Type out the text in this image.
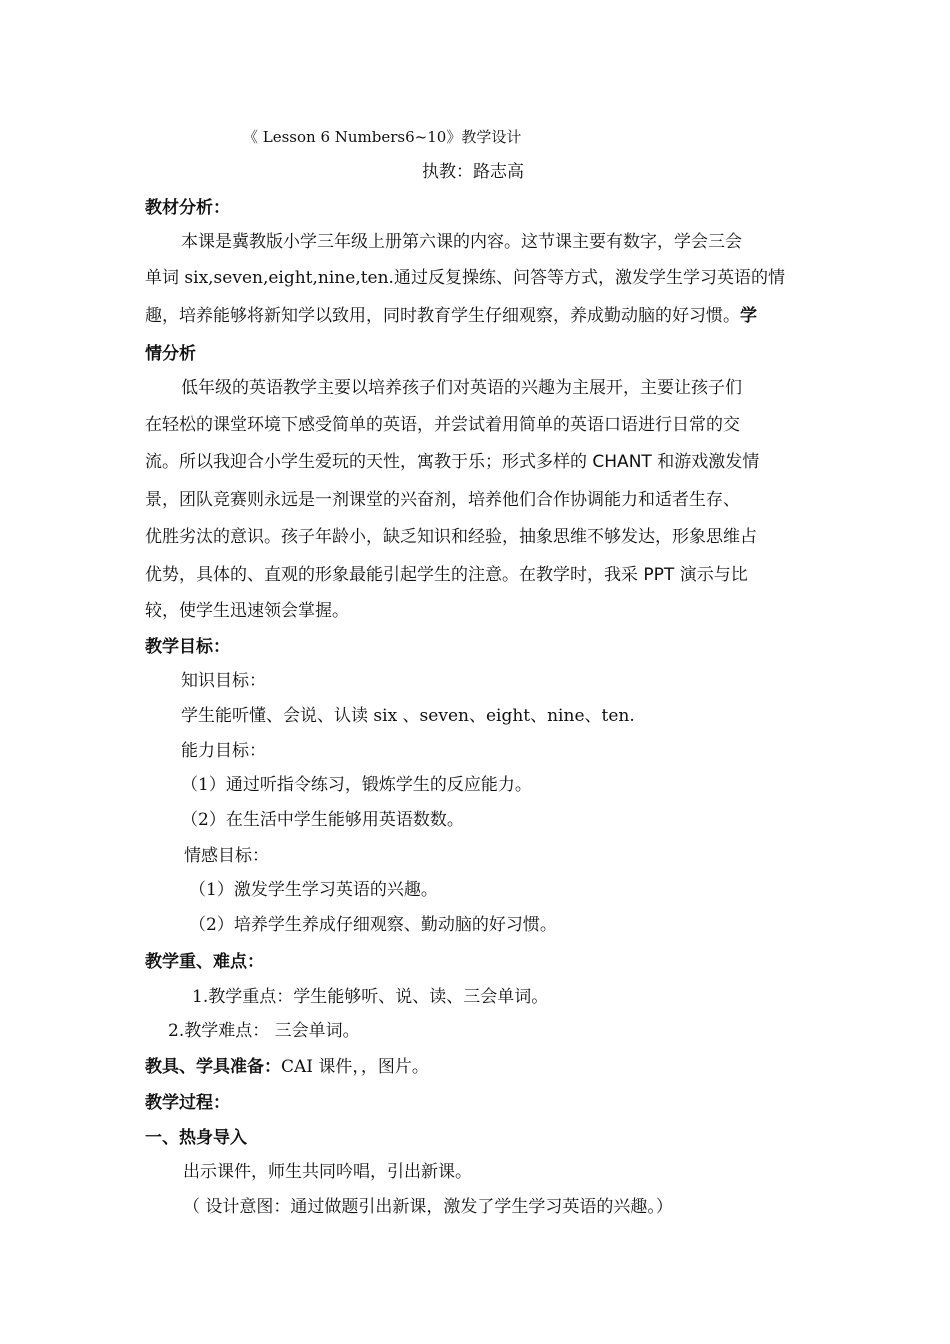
《 Lesson 6 Numbers6~10》教学设计
执教：路志高
教材分析：
本课是冀教版小学三年级上册第六课的内容。这节课主要有数字，学会三会
单词 six,seven,eight,nine,ten.通过反复操练、问答等方式，激发学生学习英语的情
趣，培养能够将新知学以致用，同时教育学生仔细观察，养成勤动脑的好习惯。学
情分析
低年级的英语教学主要以培养孩子们对英语的兴趣为主展开，主要让孩子们
在轻松的课堂环境下感受简单的英语，并尝试着用简单的英语口语进行日常的交
流。所以我迎合小学生爱玩的天性，寓教于乐；形式多样的 CHANT 和游戏激发情
景，团队竞赛则永远是一剂课堂的兴奋剂，培养他们合作协调能力和适者生存、
优胜劣汰的意识。孩子年龄小，缺乏知识和经验，抽象思维不够发达，形象思维占
优势，具体的、直观的形象最能引起学生的注意。在教学时，我采 PPT 演示与比
较，使学生迅速领会掌握。
教学目标：
知识目标：
学生能听懂、会说、认读 six 、seven、eight、nine、ten.
能力目标：
（1）通过听指令练习，锻炼学生的反应能力。
（2）在生活中学生能够用英语数数。
情感目标：
（1）激发学生学习英语的兴趣。
（2）培养学生养成仔细观察、勤动脑的好习惯。
教学重、难点：
1.教学重点：学生能够听、说、读、三会单词。
2.教学难点： 三会单词。
教具、学具准备：CAI 课件，，图片。
教学过程：
一、热身导入
出示课件，师生共同吟唱，引出新课。
（ 设计意图：通过做题引出新课，激发了学生学习英语的兴趣。）
